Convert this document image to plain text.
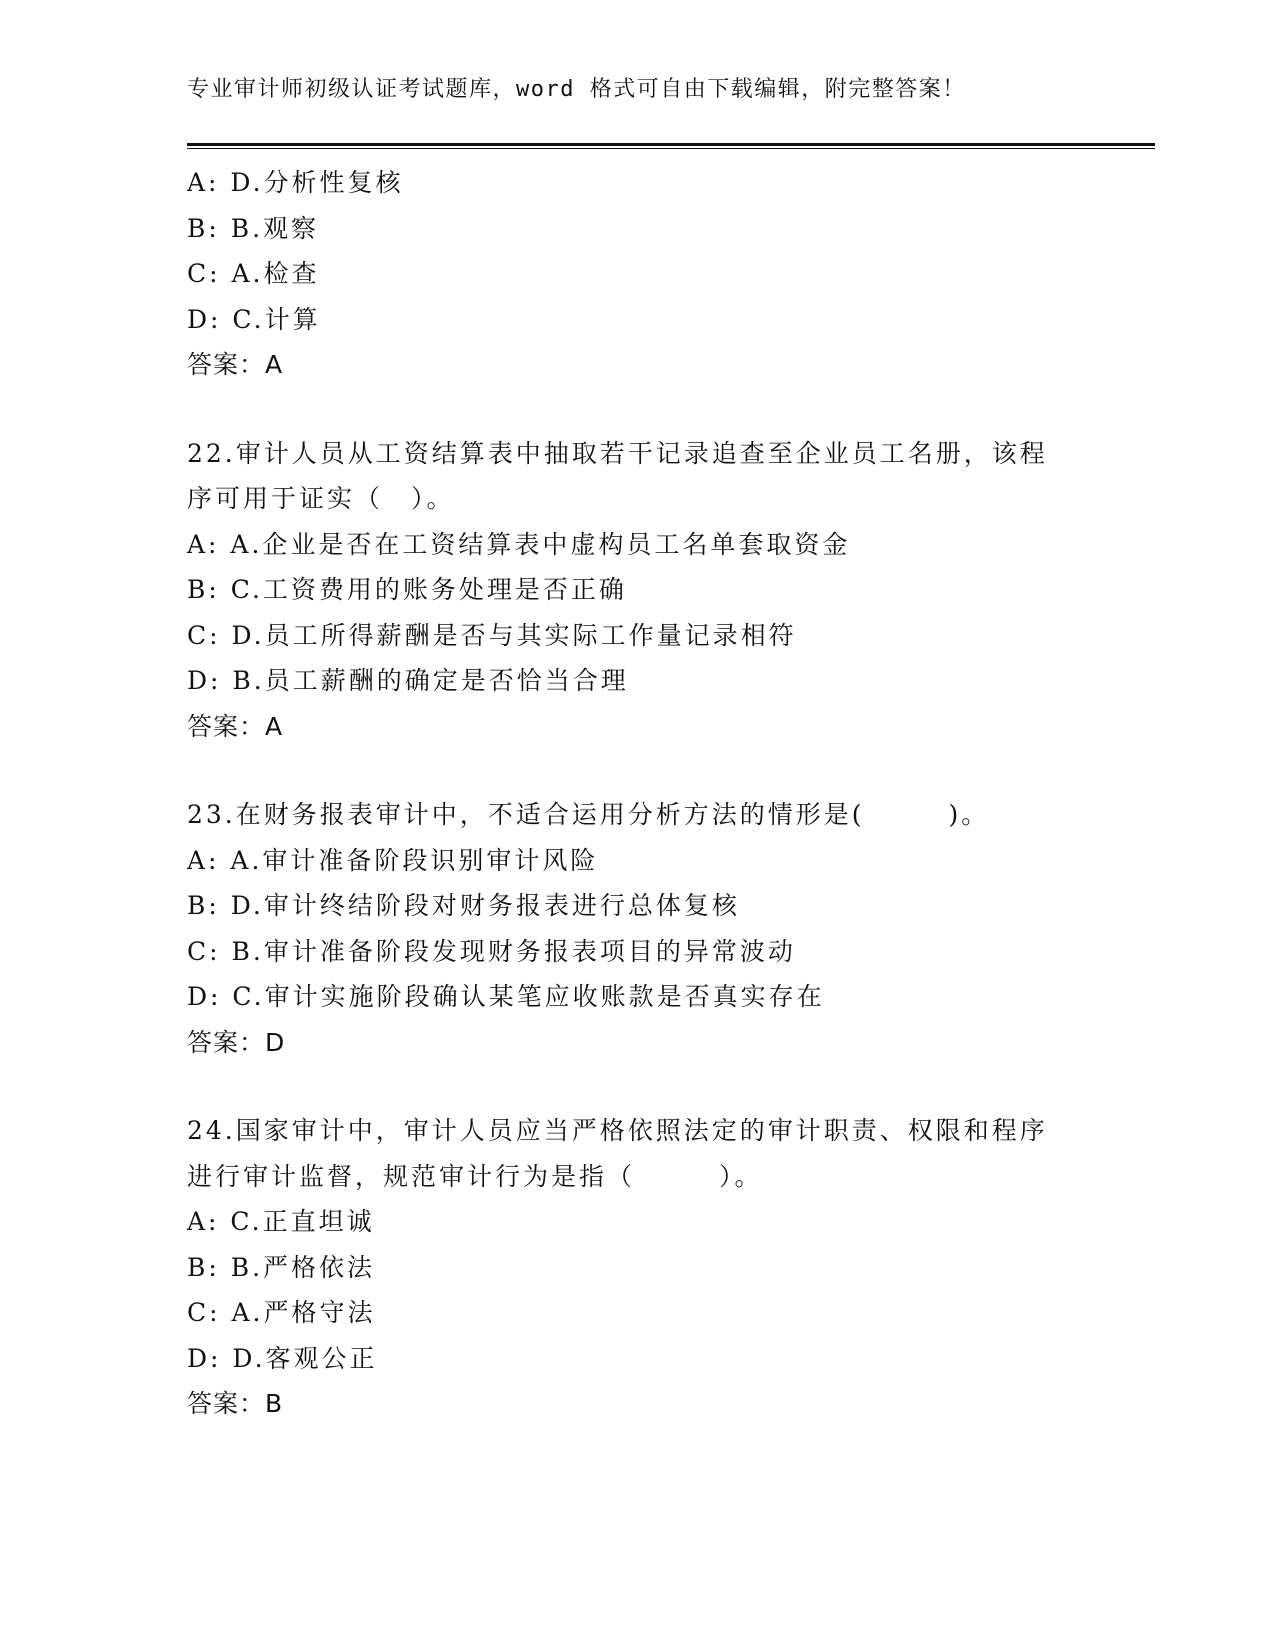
专业审计师初级认证考试题库，word 格式可自由下载编辑，附完整答案！
A: D.分析性复核
B: B.观察
C: A.检查
D: C.计算
答案：A
22.审计人员从工资结算表中抽取若干记录追查至企业员工名册，该程
序可用于证实（　）。
A: A.企业是否在工资结算表中虚构员工名单套取资金
B: C.工资费用的账务处理是否正确
C: D.员工所得薪酬是否与其实际工作量记录相符
D: B.员工薪酬的确定是否恰当合理
答案：A
23.在财务报表审计中，不适合运用分析方法的情形是(　　　)。
A: A.审计准备阶段识别审计风险
B: D.审计终结阶段对财务报表进行总体复核
C: B.审计准备阶段发现财务报表项目的异常波动
D: C.审计实施阶段确认某笔应收账款是否真实存在
答案：D
24.国家审计中，审计人员应当严格依照法定的审计职责、权限和程序
进行审计监督，规范审计行为是指（　　　）。
A: C.正直坦诚
B: B.严格依法
C: A.严格守法
D: D.客观公正
答案：B
